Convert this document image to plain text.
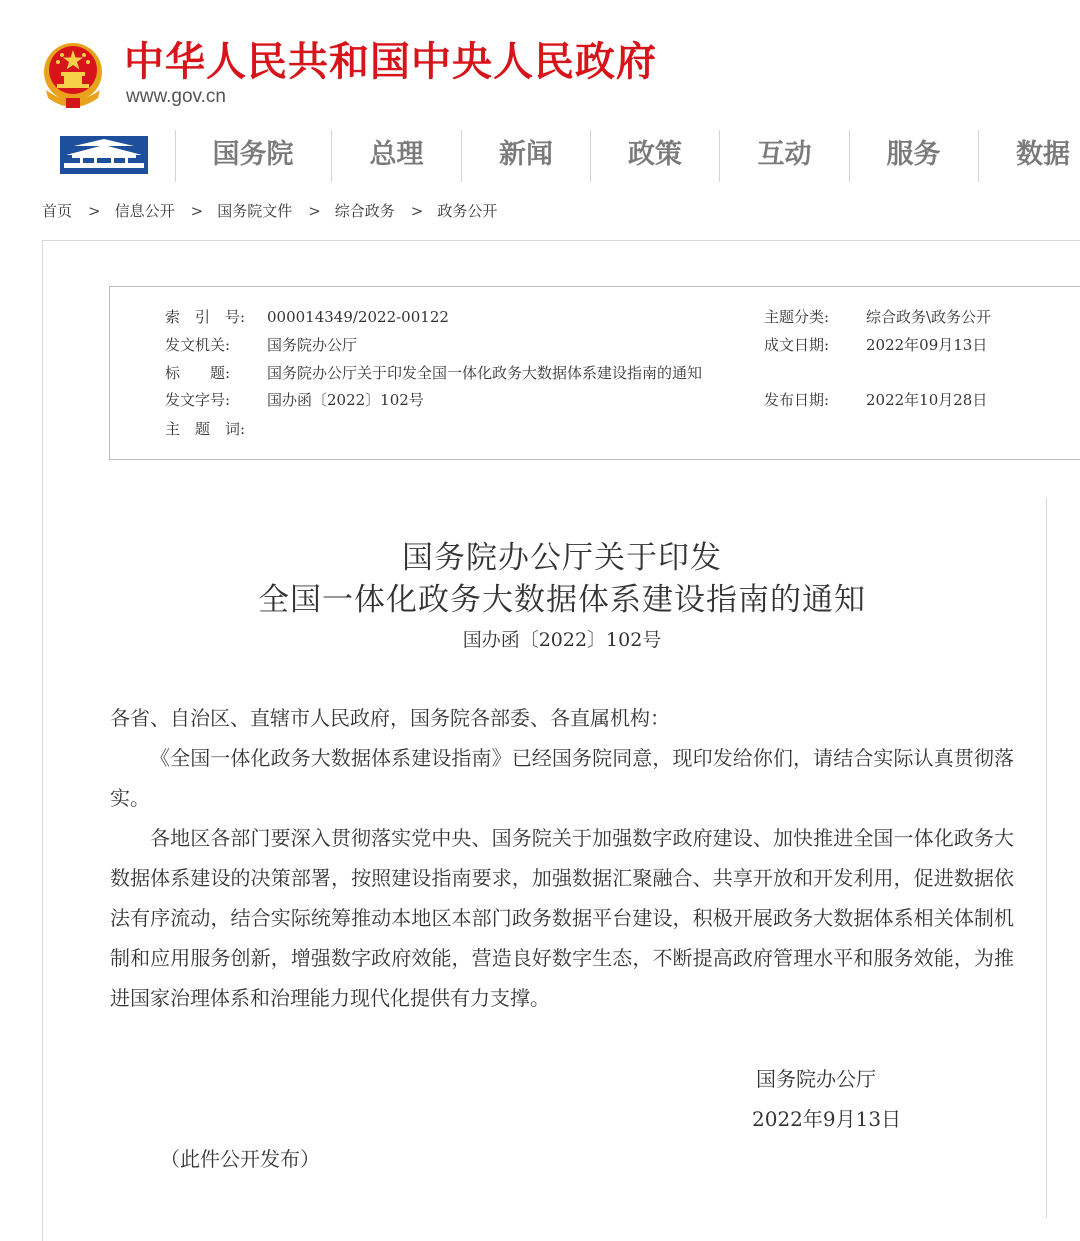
中华人民共和国中央人民政府
www.gov.cn
国务院	总理	新闻	政策	互动	服务	数据
首页 > 信息公开 > 国务院文件 > 综合政务 > 政务公开
索　引　号: 000014349/2022-00122	主题分类: 综合政务\政务公开
发文机关: 国务院办公厅	成文日期: 2022年09月13日
标　　题: 国务院办公厅关于印发全国一体化政务大数据体系建设指南的通知
发文字号: 国办函〔2022〕102号	发布日期: 2022年10月28日
主　题　词:
国务院办公厅关于印发
全国一体化政务大数据体系建设指南的通知
国办函〔2022〕102号

各省、自治区、直辖市人民政府，国务院各部委、各直属机构：

《全国一体化政务大数据体系建设指南》已经国务院同意，现印发给你们，请结合实际认真贯彻落实。

各地区各部门要深入贯彻落实党中央、国务院关于加强数字政府建设、加快推进全国一体化政务大数据体系建设的决策部署，按照建设指南要求，加强数据汇聚融合、共享开放和开发利用，促进数据依法有序流动，结合实际统筹推动本地区本部门政务数据平台建设，积极开展政务大数据体系相关体制机制和应用服务创新，增强数字政府效能，营造良好数字生态，不断提高政府管理水平和服务效能，为推进国家治理体系和治理能力现代化提供有力支撑。

国务院办公厅
2022年9月13日
（此件公开发布）
